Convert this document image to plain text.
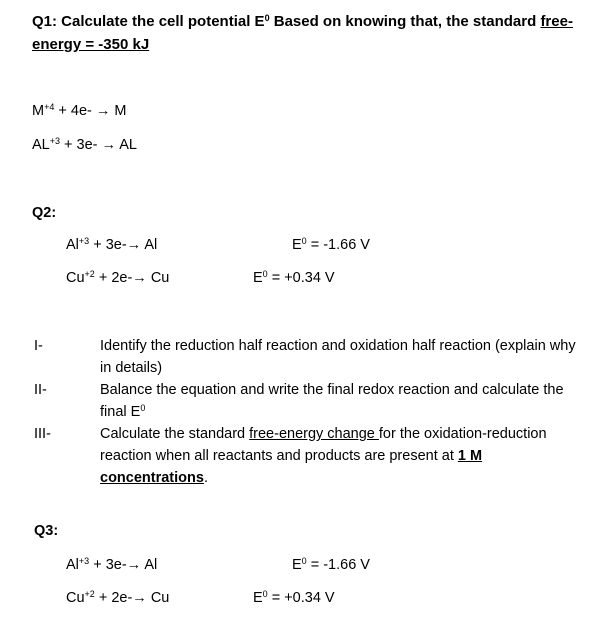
Q1: Calculate the cell potential $E^0$ Based on knowing that, the standard free-
energy = -350 kJ
$M^{+4} + 4e- \to M$
$AL^{+3} + 3e-$ → AL
Q2:
$Al^{+3} + 3e-\to Al$	$E^0 = -1.66$ V
$Cu^{+2} + 2e-\to Cu$	$E^0 = +0.34$ V
I-	Identify the reduction half reaction and oxidation half reaction (explain why in details)
II-	Balance the equation and write the final redox reaction and calculate the final $E^0$
III-	Calculate the standard free-energy change for the oxidation-reduction reaction when all reactants and products are present at 1 M concentrations.
Q3:
$Al^{+3} + 3e-\to Al$	$E^0 = -1.66$ V
$Cu^{+2} + 2e-\to Cu$	$E^0 = +0.34$ V
